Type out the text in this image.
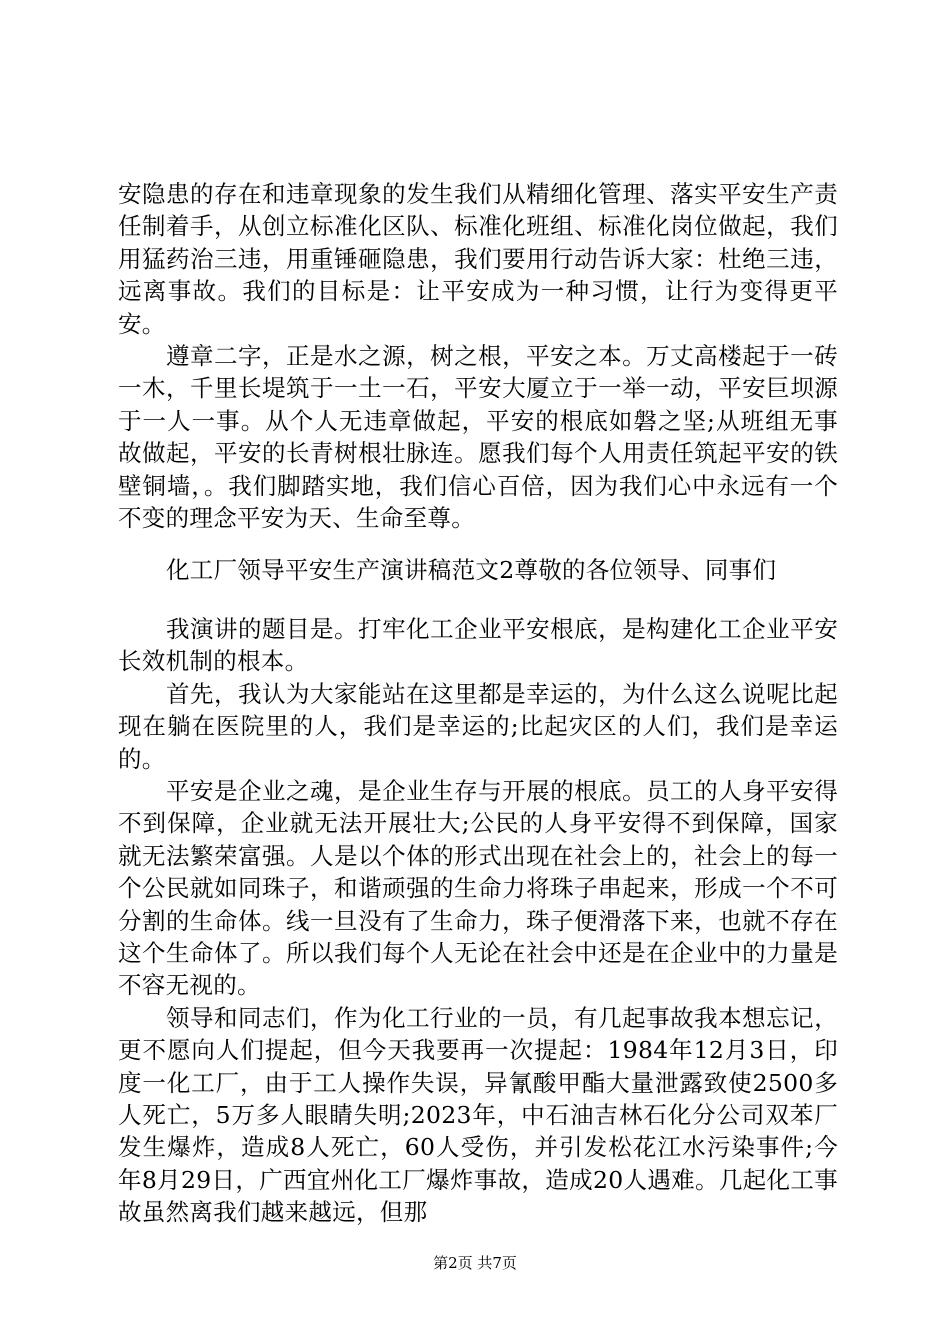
安隐患的存在和违章现象的发生我们从精细化管理、落实平安生产责任制着手，从创立标准化区队、标准化班组、标准化岗位做起，我们用猛药治三违，用重锤砸隐患，我们要用行动告诉大家：杜绝三违，远离事故。我们的目标是：让平安成为一种习惯，让行为变得更平安。

遵章二字，正是水之源，树之根，平安之本。万丈高楼起于一砖一木，千里长堤筑于一土一石，平安大厦立于一举一动，平安巨坝源于一人一事。从个人无违章做起，平安的根底如磐之坚;从班组无事故做起，平安的长青树根壮脉连。愿我们每个人用责任筑起平安的铁壁铜墙，。我们脚踏实地，我们信心百倍，因为我们心中永远有一个不变的理念平安为天、生命至尊。

化工厂领导平安生产演讲稿范文2尊敬的各位领导、同事们

我演讲的题目是。打牢化工企业平安根底，是构建化工企业平安长效机制的根本。

首先，我认为大家能站在这里都是幸运的，为什么这么说呢比起现在躺在医院里的人，我们是幸运的;比起灾区的人们，我们是幸运的。

平安是企业之魂，是企业生存与开展的根底。员工的人身平安得不到保障，企业就无法开展壮大;公民的人身平安得不到保障，国家就无法繁荣富强。人是以个体的形式出现在社会上的，社会上的每一个公民就如同珠子，和谐顽强的生命力将珠子串起来，形成一个不可分割的生命体。线一旦没有了生命力，珠子便滑落下来，也就不存在这个生命体了。所以我们每个人无论在社会中还是在企业中的力量是不容无视的。

领导和同志们，作为化工行业的一员，有几起事故我本想忘记，更不愿向人们提起，但今天我要再一次提起：1984年12月3日，印度一化工厂，由于工人操作失误，异氰酸甲酯大量泄露致使2500多人死亡，5万多人眼睛失明;2023年，中石油吉林石化分公司双苯厂发生爆炸，造成8人死亡，60人受伤，并引发松花江水污染事件;今年8月29日，广西宜州化工厂爆炸事故，造成20人遇难。几起化工事故虽然离我们越来越远，但那

第2页 共7页
